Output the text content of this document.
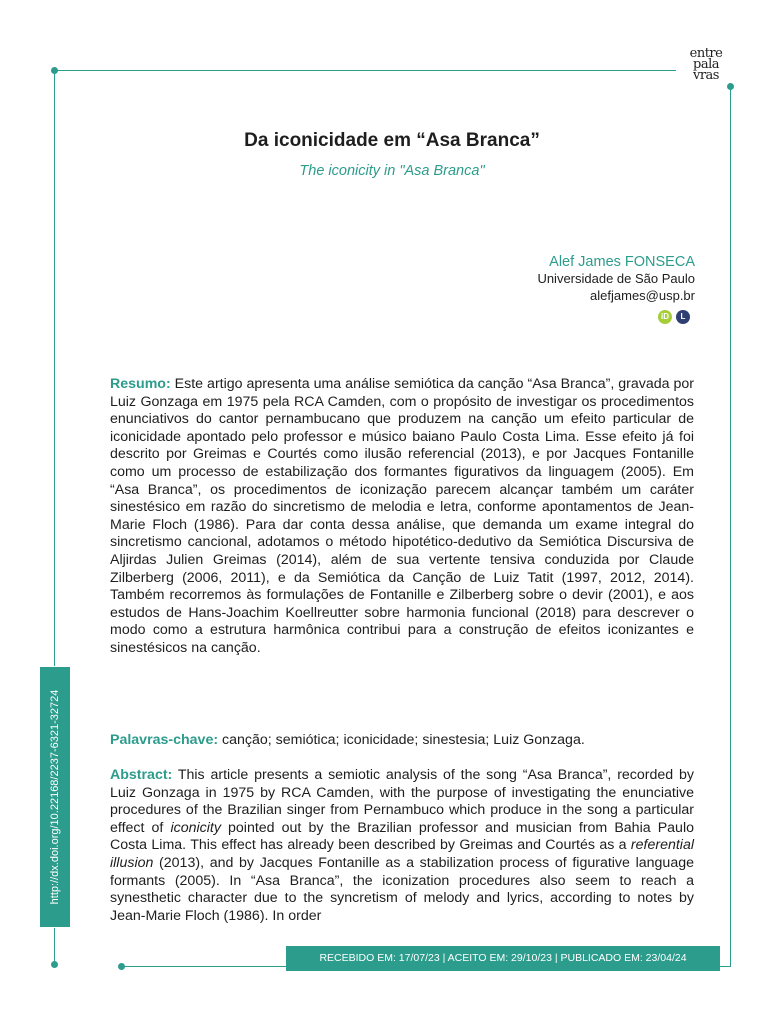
entre
pala
vras
Da iconicidade em “Asa Branca”
The iconicity in "Asa Branca"
Alef James FONSECA
Universidade de São Paulo
alefjames@usp.br
iD	L

Resumo: Este artigo apresenta uma análise semiótica da canção “Asa Branca”, gravada por Luiz Gonzaga em 1975 pela RCA Camden, com o propósito de investigar os procedimentos enunciativos do cantor pernambucano que produzem na canção um efeito particular de iconicidade apontado pelo professor e músico baiano Paulo Costa Lima. Esse efeito já foi descrito por Greimas e Courtés como ilusão referencial (2013), e por Jacques Fontanille como um processo de estabilização dos formantes figurativos da linguagem (2005). Em “Asa Branca”, os procedimentos de iconização parecem alcançar também um caráter sinestésico em razão do sincretismo de melodia e letra, conforme apontamentos de Jean-Marie Floch (1986). Para dar conta dessa análise, que demanda um exame integral do sincretismo cancional, adotamos o método hipotético-dedutivo da Semiótica Discursiva de Aljirdas Julien Greimas (2014), além de sua vertente tensiva conduzida por Claude Zilberberg (2006, 2011), e da Semiótica da Canção de Luiz Tatit (1997, 2012, 2014). Também recorremos às formulações de Fontanille e Zilberberg sobre o devir (2001), e aos estudos de Hans-Joachim Koellreutter sobre harmonia funcional (2018) para descrever o modo como a estrutura harmônica contribui para a construção de efeitos iconizantes e sinestésicos na canção.

Palavras-chave: canção; semiótica; iconicidade; sinestesia; Luiz Gonzaga.

Abstract: This article presents a semiotic analysis of the song “Asa Branca”, recorded by Luiz Gonzaga in 1975 by RCA Camden, with the purpose of investigating the enunciative procedures of the Brazilian singer from Pernambuco which produce in the song a particular effect of iconicity pointed out by the Brazilian professor and musician from Bahia Paulo Costa Lima. This effect has already been described by Greimas and Courtés as a referential illusion (2013), and by Jacques Fontanille as a stabilization process of figurative language formants (2005). In “Asa Branca”, the iconization procedures also seem to reach a synesthetic character due to the syncretism of melody and lyrics, according to notes by Jean-Marie Floch (1986). In order

http://dx.doi.org/10.22168/2237-6321-32724
RECEBIDO EM: 17/07/23 | ACEITO EM: 29/10/23 | PUBLICADO EM: 23/04/24
